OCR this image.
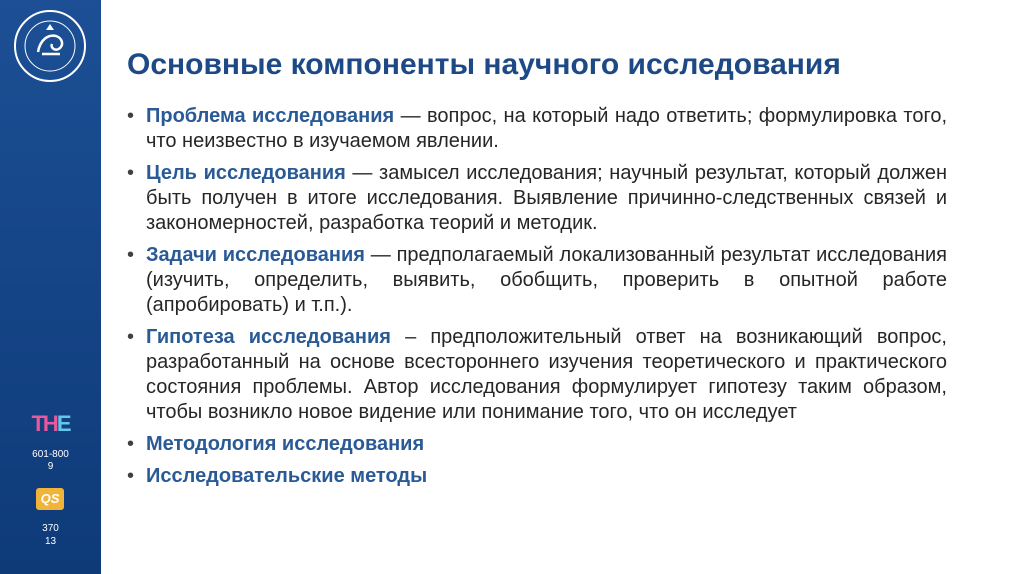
THE
601-800
9
QS
370
13
Основные компоненты научного исследования
• Проблема исследования — вопрос, на который надо ответить; формулировка того, что неизвестно в изучаемом явлении.
• Цель исследования — замысел исследования; научный результат, который должен быть получен в итоге исследования. Выявление причинно-следственных связей и закономерностей, разработка теорий и методик.
• Задачи исследования — предполагаемый локализованный результат исследования (изучить, определить, выявить, обобщить, проверить в опытной работе (апробировать) и т.п.).
• Гипотеза исследования – предположительный ответ на возникающий вопрос, разработанный на основе всестороннего изучения теоретического и практического состояния проблемы. Автор исследования формулирует гипотезу таким образом, чтобы возникло новое видение или понимание того, что он исследует
• Методология исследования
• Исследовательские методы
